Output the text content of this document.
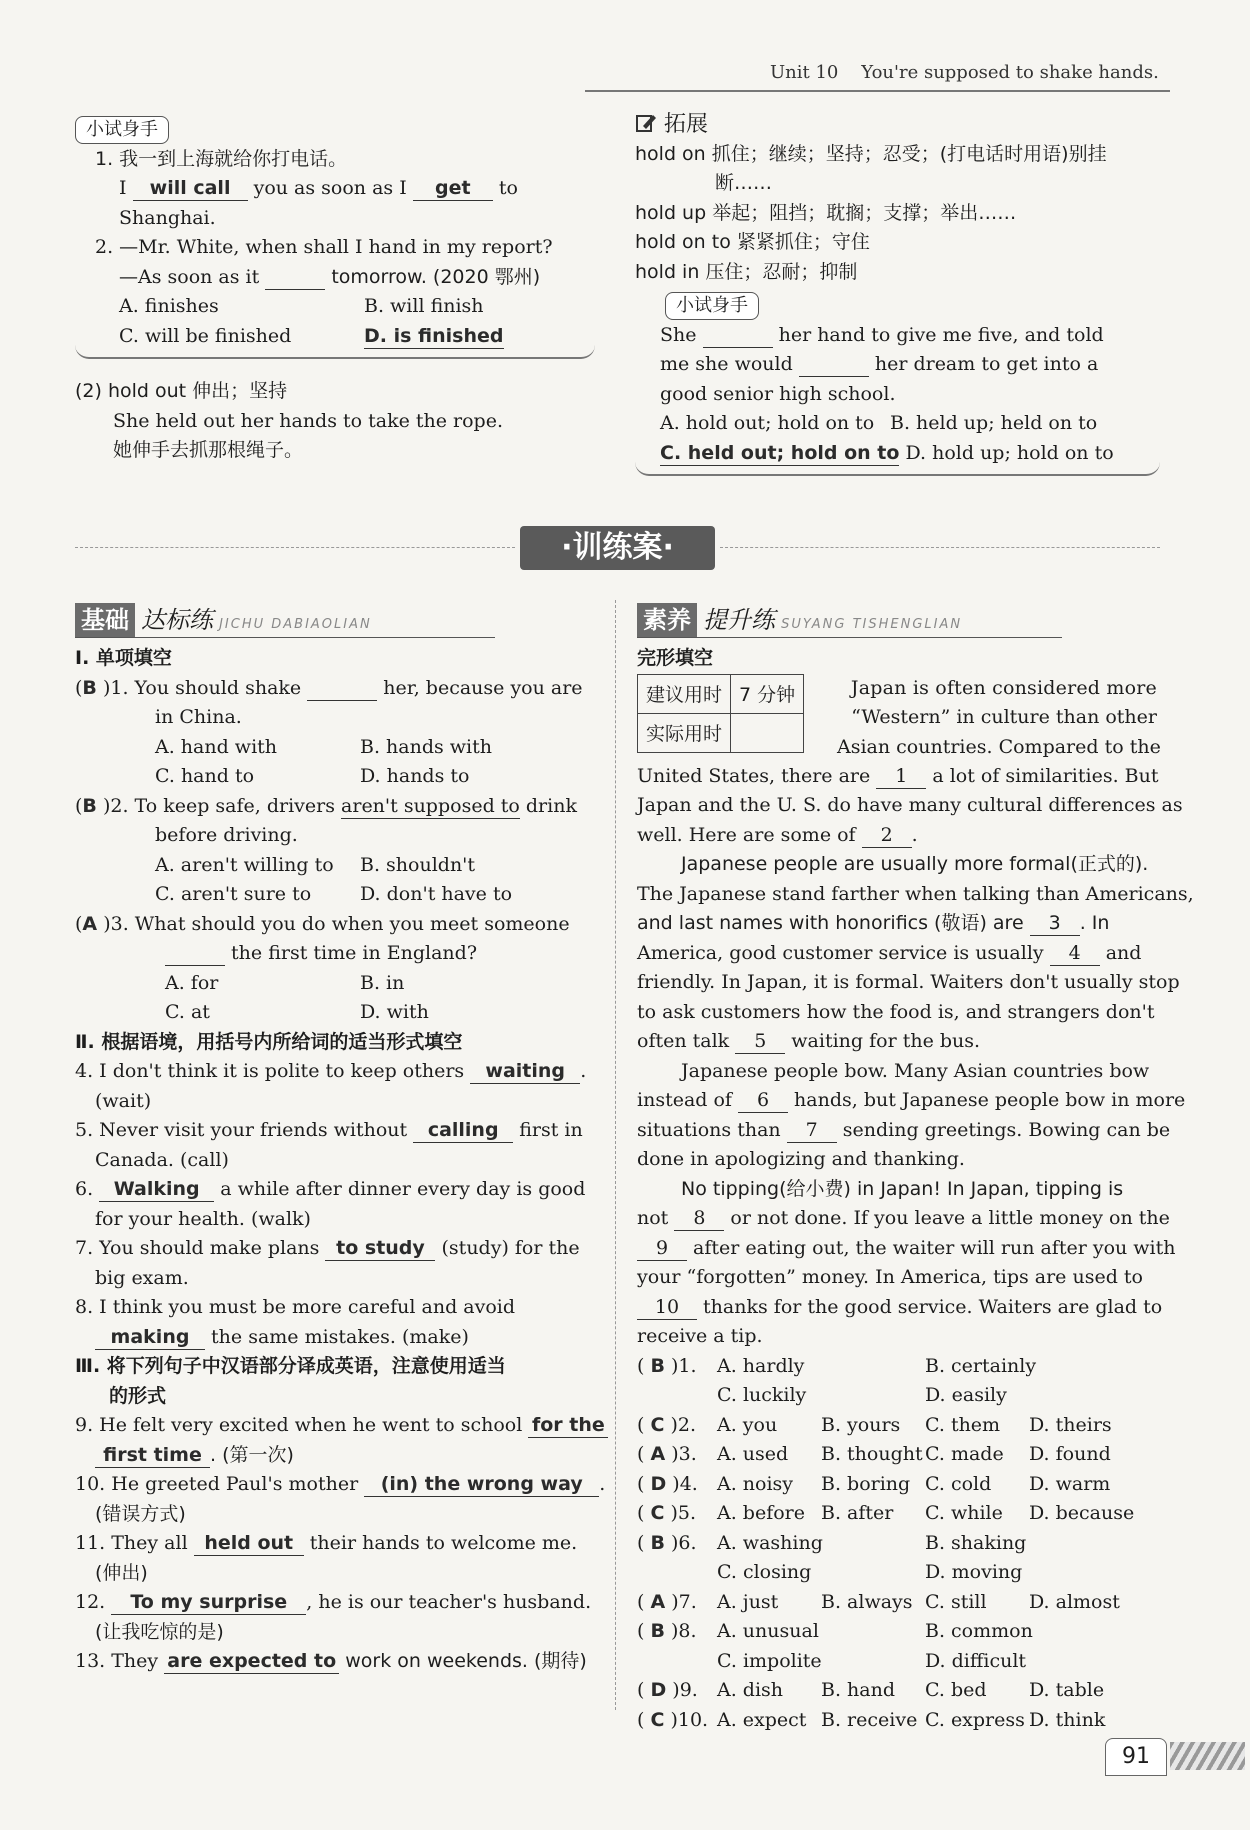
Unit 10 You're supposed to shake hands.
小试身手
1. 我一到上海就给你打电话。
I will call you as soon as I get to
Shanghai.
2. —Mr. White, when shall I hand in my report?
—As soon as it	tomorrow. (2020 鄂州)
A. finishes	B. will finish
C. will be finished	D. is finished
(2) hold out 伸出；坚持
She held out her hands to take the rope.
她伸手去抓那根绳子。
拓展
hold on 抓住；继续；坚持；忍受；(打电话时用语)别挂
断……
hold up 举起；阻挡；耽搁；支撑；举出……
hold on to 紧紧抓住；守住
hold in 压住；忍耐；抑制
小试身手
She	her hand to give me five, and told
me she would	her dream to get into a
good senior high school.
A. hold out; hold on to B. held up; held on to
C. held out; hold on to D. hold up; hold on to
·训练案·
基础 达标练 JICHU DABIAOLIAN
Ⅰ. 单项填空
(B )1. You should shake	her, because you are
in China.
A. hand with	B. hands with
C. hand to	D. hands to
(B )2. To keep safe, drivers aren't supposed to drink
before driving.
A. aren't willing to B. shouldn't
C. aren't sure to	D. don't have to
(A )3. What should you do when you meet someone
the first time in England?
A. for	B. in
C. at	D. with
Ⅱ. 根据语境，用括号内所给词的适当形式填空
4. I don't think it is polite to keep others waiting .
(wait)
5. Never visit your friends without calling first in
Canada. (call)
6. Walking a while after dinner every day is good
for your health. (walk)
7. You should make plans to study (study) for the
big exam.
8. I think you must be more careful and avoid
making the same mistakes. (make)
Ⅲ. 将下列句子中汉语部分译成英语，注意使用适当
的形式
9. He felt very excited when he went to school for the
first time . (第一次)
10. He greeted Paul's mother (in) the wrong way .
(错误方式)
11. They all held out their hands to welcome me.
(伸出)
12. To my surprise , he is our teacher's husband.
(让我吃惊的是)
13. They are expected to work on weekends. (期待)
素养 提升练 SUYANG TISHENGLIAN
完形填空
建议用时	7 分钟
实际用时	
Japan is often considered more
“Western” in culture than other
Asian countries. Compared to the
United States, there are 1 a lot of similarities. But
Japan and the U. S. do have many cultural differences as
well. Here are some of 2 .
Japanese people are usually more formal(正式的).
The Japanese stand farther when talking than Americans,
and last names with honorifics (敬语) are 3 . In
America, good customer service is usually 4 and
friendly. In Japan, it is formal. Waiters don't usually stop
to ask customers how the food is, and strangers don't
often talk 5 waiting for the bus.
Japanese people bow. Many Asian countries bow
instead of 6 hands, but Japanese people bow in more
situations than 7 sending greetings. Bowing can be
done in apologizing and thanking.
No tipping(给小费) in Japan! In Japan, tipping is
not 8 or not done. If you leave a little money on the
9 after eating out, the waiter will run after you with
your “forgotten” money. In America, tips are used to
10 thanks for the good service. Waiters are glad to
receive a tip.
( B )1. A. hardly	B. certainly
C. luckily	D. easily
( C )2. A. you B. yours C. them D. theirs
( A )3. A. used B. thought C. made D. found
( D )4. A. noisy B. boring C. cold D. warm
( C )5. A. before B. after C. while D. because
( B )6. A. washing	B. shaking
C. closing	D. moving
( A )7. A. just B. always C. still D. almost
( B )8. A. unusual	B. common
C. impolite	D. difficult
( D )9. A. dish B. hand C. bed D. table
( C )10. A. expect B. receive C. express D. think
91
